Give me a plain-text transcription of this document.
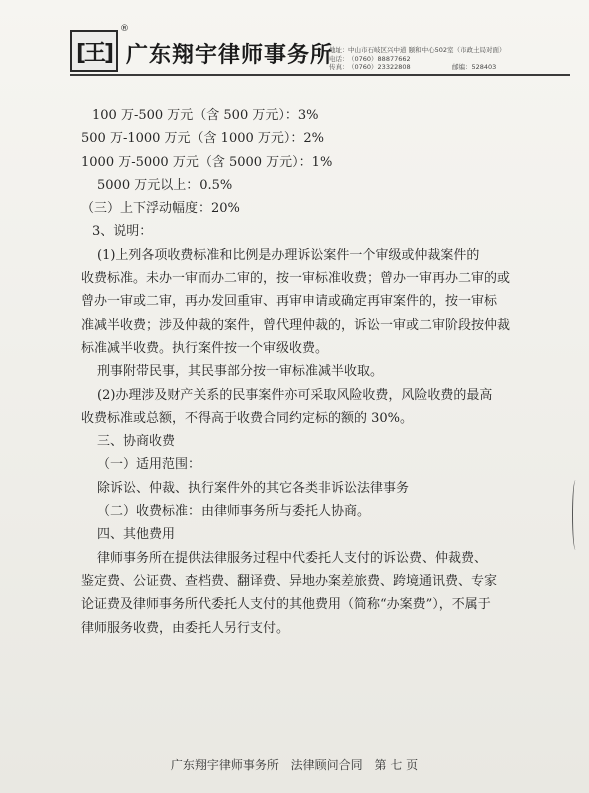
[王]
®
广东翔宇律师事务所
地址： 中山市石岐区兴中道 颐和中心502室（市政土局对面）
电话： （0760）88877662
传真： （0760）23322808	邮编：528403

100 万-500 万元（含 500 万元）：3%

500 万-1000 万元（含 1000 万元）：2%

1000 万-5000 万元（含 5000 万元）：1%

5000 万元以上：0.5%

（三）上下浮动幅度：20%

3、说明：

(1)上列各项收费标准和比例是办理诉讼案件一个审级或仲裁案件的

收费标准。未办一审而办二审的，按一审标准收费；曾办一审再办二审的或

曾办一审或二审，再办发回重审、再审申请或确定再审案件的，按一审标

准减半收费；涉及仲裁的案件，曾代理仲裁的，诉讼一审或二审阶段按仲裁

标准减半收费。执行案件按一个审级收费。

刑事附带民事，其民事部分按一审标准减半收取。

(2)办理涉及财产关系的民事案件亦可采取风险收费，风险收费的最高

收费标准或总额，不得高于收费合同约定标的额的 30%。

三、协商收费

（一）适用范围：

除诉讼、仲裁、执行案件外的其它各类非诉讼法律事务

（二）收费标准：由律师事务所与委托人协商。

四、其他费用

律师事务所在提供法律服务过程中代委托人支付的诉讼费、仲裁费、

鉴定费、公证费、查档费、翻译费、异地办案差旅费、跨境通讯费、专家

论证费及律师事务所代委托人支付的其他费用（简称“办案费”），不属于

律师服务收费，由委托人另行支付。

广东翔宇律师事务所 法律顾问合同 第 七 页
